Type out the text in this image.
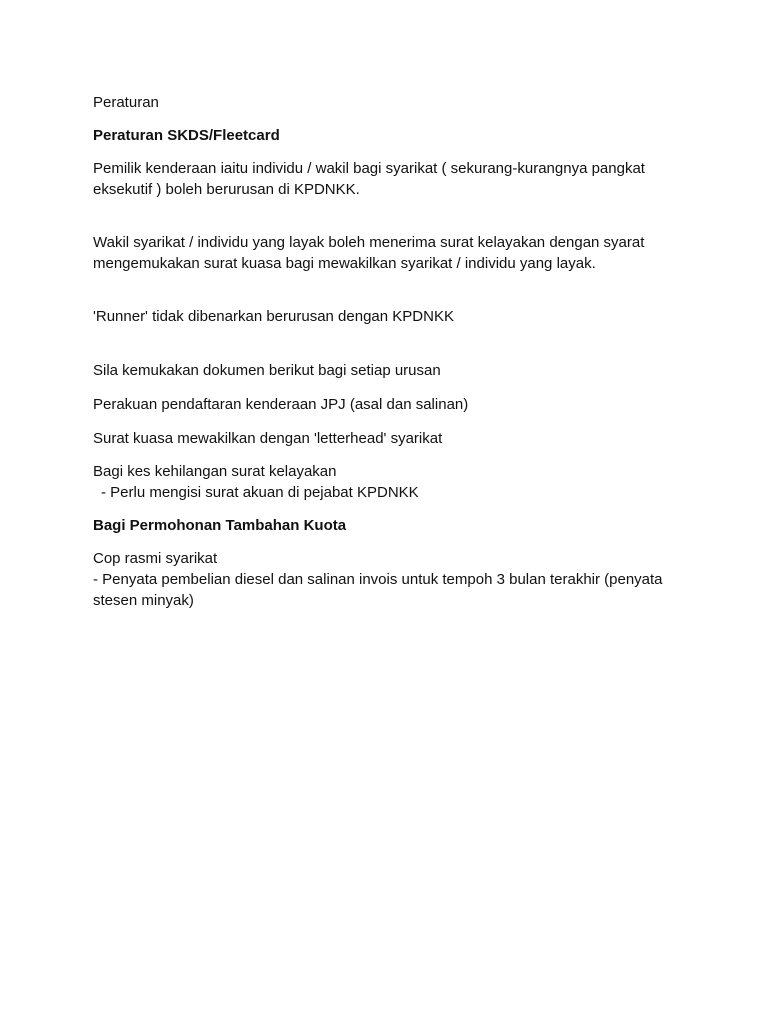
Peraturan

Peraturan SKDS/Fleetcard

Pemilik kenderaan iaitu individu / wakil bagi syarikat ( sekurang-kurangnya pangkat eksekutif ) boleh berurusan di KPDNKK.

Wakil syarikat / individu yang layak boleh menerima surat kelayakan dengan syarat mengemukakan surat kuasa bagi mewakilkan syarikat / individu yang layak.

'Runner' tidak dibenarkan berurusan dengan KPDNKK

Sila kemukakan dokumen berikut bagi setiap urusan

Perakuan pendaftaran kenderaan JPJ (asal dan salinan)

Surat kuasa mewakilkan dengan 'letterhead' syarikat

Bagi kes kehilangan surat kelayakan
- Perlu mengisi surat akuan di pejabat KPDNKK

Bagi Permohonan Tambahan Kuota

Cop rasmi syarikat
- Penyata pembelian diesel dan salinan invois untuk tempoh 3 bulan terakhir (penyata stesen minyak)
